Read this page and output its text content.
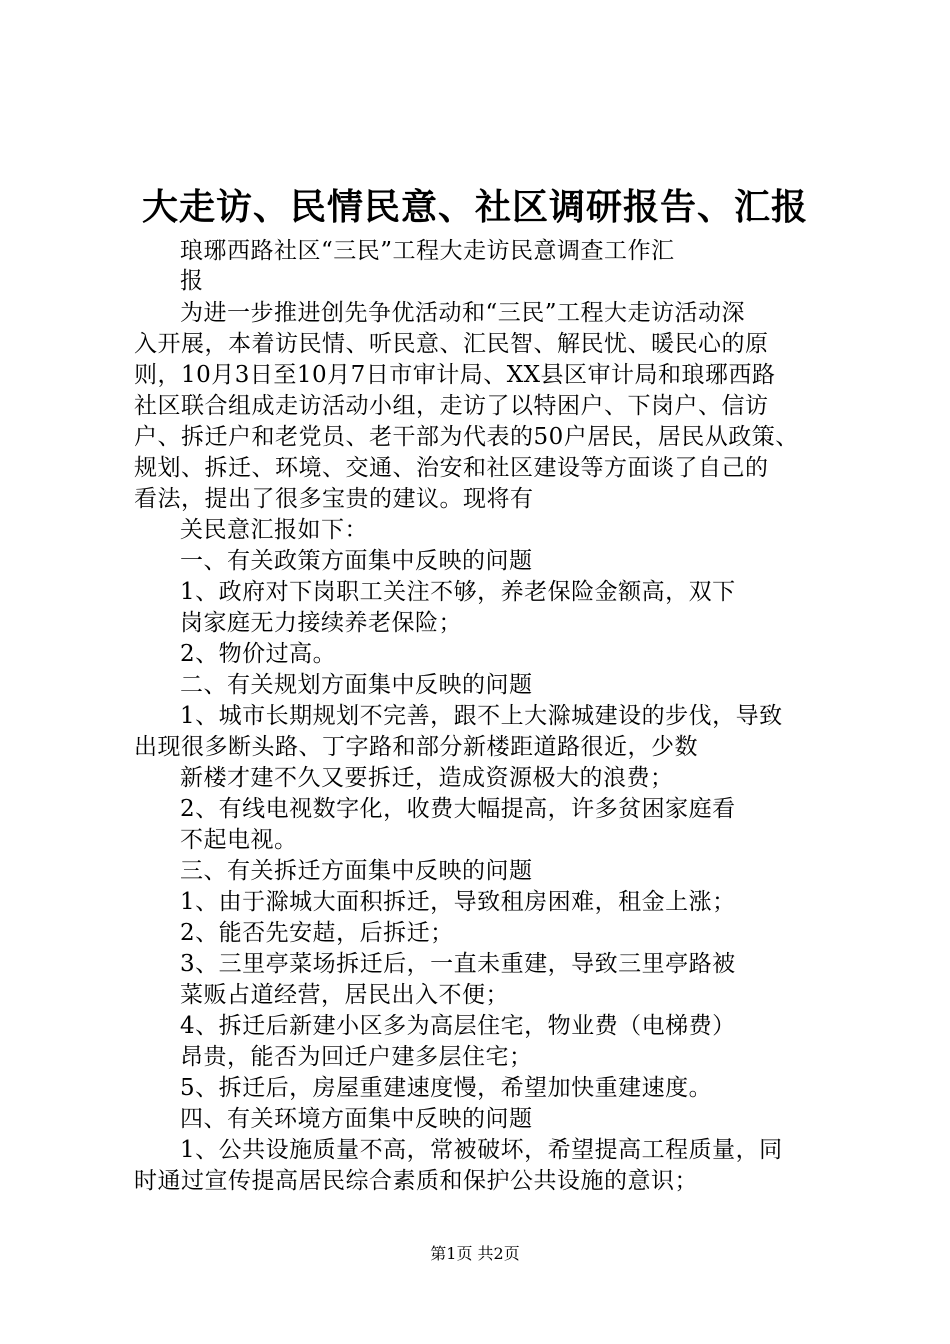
大走访、民情民意、社区调研报告、汇报
琅琊西路社区“三民”工程大走访民意调查工作汇
报
为进一步推进创先争优活动和“三民”工程大走访活动深
入开展，本着访民情、听民意、汇民智、解民忧、暖民心的原
则，10月3日至10月7日市审计局、XX县区审计局和琅琊西路
社区联合组成走访活动小组，走访了以特困户、下岗户、信访
户、拆迁户和老党员、老干部为代表的50户居民，居民从政策、
规划、拆迁、环境、交通、治安和社区建设等方面谈了自己的
看法，提出了很多宝贵的建议。现将有
关民意汇报如下：
一、有关政策方面集中反映的问题
1、政府对下岗职工关注不够，养老保险金额高，双下
岗家庭无力接续养老保险；
2、物价过高。
二、有关规划方面集中反映的问题
1、城市长期规划不完善，跟不上大滁城建设的步伐，导致
出现很多断头路、丁字路和部分新楼距道路很近，少数
新楼才建不久又要拆迁，造成资源极大的浪费；
2、有线电视数字化，收费大幅提高，许多贫困家庭看
不起电视。
三、有关拆迁方面集中反映的问题
1、由于滁城大面积拆迁，导致租房困难，租金上涨；
2、能否先安趌，后拆迁；
3、三里亭菜场拆迁后，一直未重建，导致三里亭路被
菜贩占道经营，居民出入不便；
4、拆迁后新建小区多为高层住宅，物业费（电梯费）
昂贵，能否为回迁户建多层住宅；
5、拆迁后，房屋重建速度慢，希望加快重建速度。
四、有关环境方面集中反映的问题
1、公共设施质量不高，常被破坏，希望提高工程质量，同
时通过宣传提高居民综合素质和保护公共设施的意识；
第1页 共2页
